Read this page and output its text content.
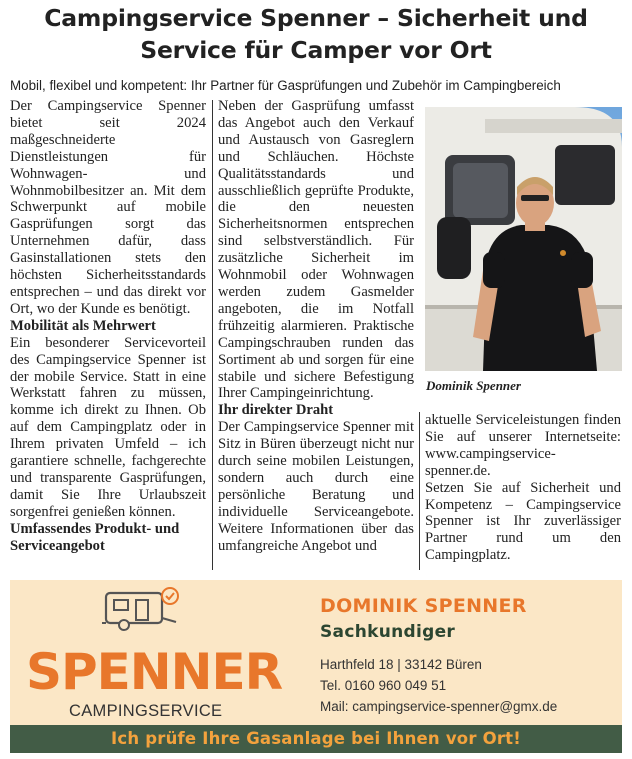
Campingservice Spenner – Sicherheit und
Service für Camper vor Ort
Mobil, flexibel und kompetent: Ihr Partner für Gasprüfungen und Zubehör im Campingbereich

Der Campingservice Spenner bietet seit 2024 maßgeschneiderte Dienstleistungen für Wohnwagen- und Wohnmobilbesitzer an. Mit dem Schwerpunkt auf mobile Gasprüfungen sorgt das Unternehmen dafür, dass Gasinstallationen stets den höchsten Sicherheitsstandards entsprechen – und das direkt vor Ort, wo der Kunde es benötigt.

Mobilität als Mehrwert

Ein besonderer Servicevorteil des Campingservice Spenner ist der mobile Service. Statt in eine Werkstatt fahren zu müssen, komme ich direkt zu Ihnen. Ob auf dem Campingplatz oder in Ihrem privaten Umfeld – ich garantiere schnelle, fachgerechte und transparente Gasprüfungen, damit Sie Ihre Urlaubszeit sorgenfrei genießen können.

Umfassendes Produkt- und Serviceangebot

Neben der Gasprüfung umfasst das Angebot auch den Verkauf und Austausch von Gasreglern und Schläuchen. Höchste Qualitätsstandards und ausschließlich geprüfte Produkte, die den neuesten Sicherheitsnormen entsprechen sind selbstverständlich. Für zusätzliche Sicherheit im Wohnmobil oder Wohnwagen werden zudem Gasmelder angeboten, die im Notfall frühzeitig alarmieren. Praktische Campingschrauben runden das Sortiment ab und sorgen für eine stabile und sichere Befestigung Ihrer Campingeinrichtung.

Ihr direkter Draht

Der Campingservice Spenner mit Sitz in Büren überzeugt nicht nur durch seine mobilen Leistungen, sondern auch durch eine persönliche Beratung und individuelle Serviceangebote. Weitere Informationen über das umfangreiche Angebot und

Dominik Spenner

aktuelle Serviceleistungen finden Sie auf unserer Internetseite: www.campingservice-spenner.de.

Setzen Sie auf Sicherheit und Kompetenz – Campingservice Spenner ist Ihr zuverlässiger Partner rund um den Campingplatz.

Ich prüfe Ihre Gasanlage bei Ihnen vor Ort!
SPENNER
CAMPINGSERVICE
DOMINIK SPENNER
Sachkundiger
Harthfeld 18 | 33142 Büren
Tel. 0160 960 049 51
Mail: campingservice-spenner@gmx.de
